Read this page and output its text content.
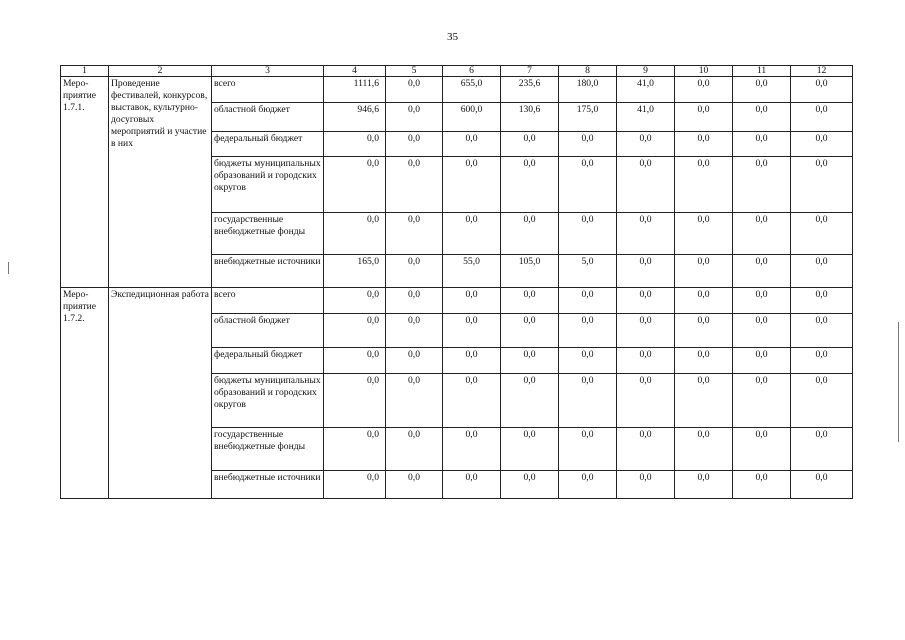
35
1	2	3	4	5	6	7	8	9	10	11	12

Меро-
приятие
1.7.1.	Проведение фестивалей, конкурсов, выставок, культурно-досуговых мероприятий и участие в них	всего	1111,6	0,0	655,0	235,6	180,0	41,0	0,0	0,0	0,0
		областной бюджет	946,6	0,0	600,0	130,6	175,0	41,0	0,0	0,0	0,0
		федеральный бюджет	0,0	0,0	0,0	0,0	0,0	0,0	0,0	0,0	0,0
		бюджеты муниципальных образований и городских округов	0,0	0,0	0,0	0,0	0,0	0,0	0,0	0,0	0,0
		государственные внебюджетные фонды	0,0	0,0	0,0	0,0	0,0	0,0	0,0	0,0	0,0
		внебюджетные источники	165,0	0,0	55,0	105,0	5,0	0,0	0,0	0,0	0,0

Меро-
приятие
1.7.2.	Экспедиционная работа	всего	0,0	0,0	0,0	0,0	0,0	0,0	0,0	0,0	0,0
		областной бюджет	0,0	0,0	0,0	0,0	0,0	0,0	0,0	0,0	0,0
		федеральный бюджет	0,0	0,0	0,0	0,0	0,0	0,0	0,0	0,0	0,0
		бюджеты муниципальных образований и городских округов	0,0	0,0	0,0	0,0	0,0	0,0	0,0	0,0	0,0
		государственные внебюджетные фонды	0,0	0,0	0,0	0,0	0,0	0,0	0,0	0,0	0,0
		внебюджетные источники	0,0	0,0	0,0	0,0	0,0	0,0	0,0	0,0	0,0
